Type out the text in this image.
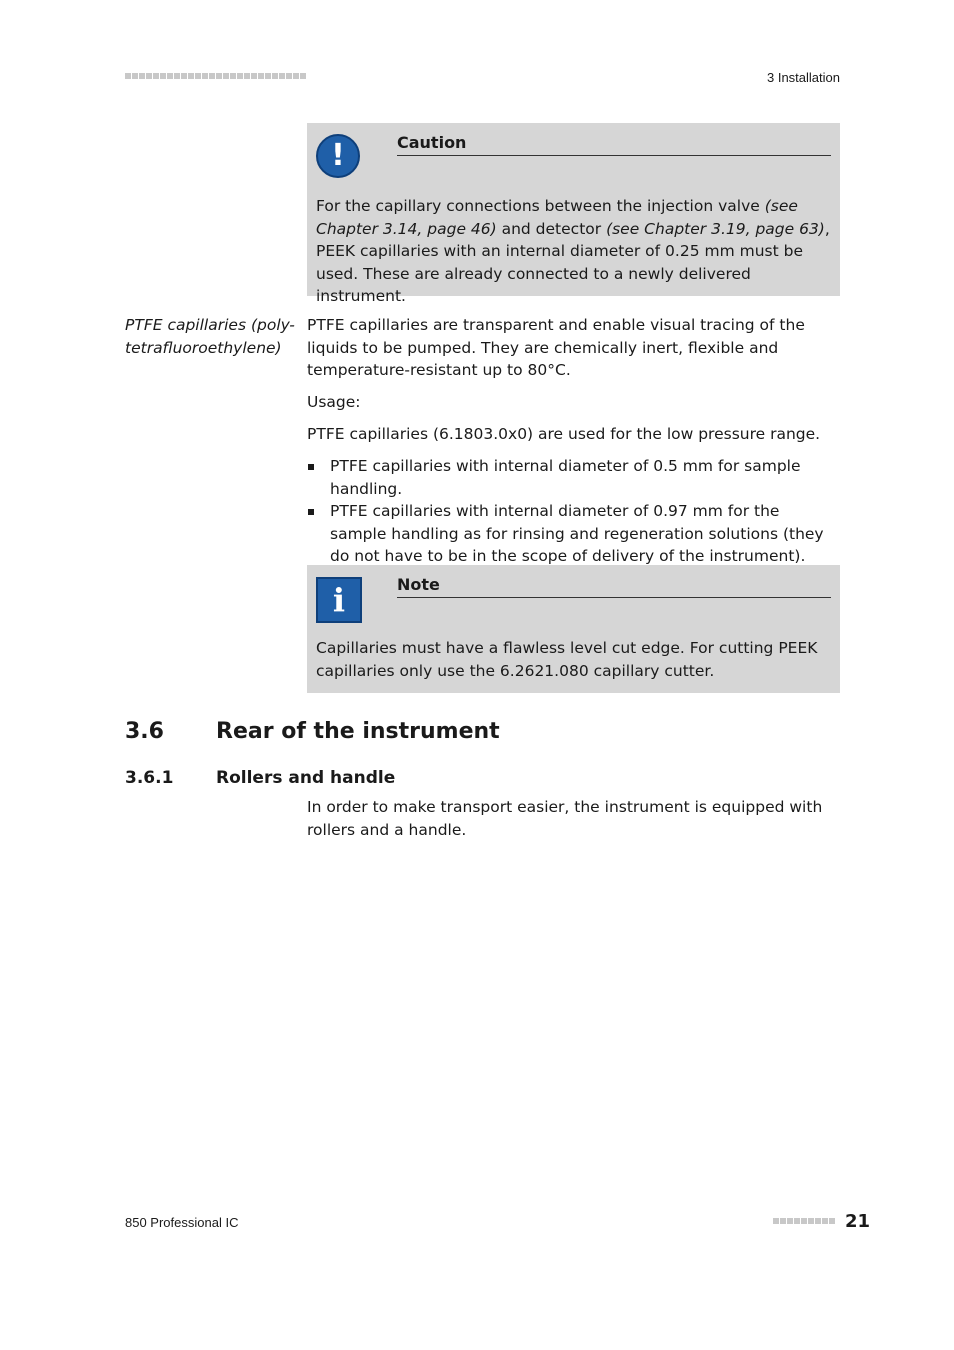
3 Installation
!	Caution
For the capillary connections between the injection valve (see Chapter 3.14, page 46) and detector (see Chapter 3.19, page 63), PEEK capillaries with an internal diameter of 0.25 mm must be used. These are already connected to a newly delivered instrument.
PTFE capillaries (poly-tetrafluoroethylene)
PTFE capillaries are transparent and enable visual tracing of the liquids to be pumped. They are chemically inert, flexible and temperature-resistant up to 80°C.
Usage:
PTFE capillaries (6.1803.0x0) are used for the low pressure range.
PTFE capillaries with internal diameter of 0.5 mm for sample handling.
PTFE capillaries with internal diameter of 0.97 mm for the sample handling as for rinsing and regeneration solutions (they do not have to be in the scope of delivery of the instrument).
i	Note
Capillaries must have a flawless level cut edge. For cutting PEEK capillaries only use the 6.2621.080 capillary cutter.
3.6 Rear of the instrument
3.6.1	Rollers and handle
In order to make transport easier, the instrument is equipped with rollers and a handle.
850 Professional IC	21
